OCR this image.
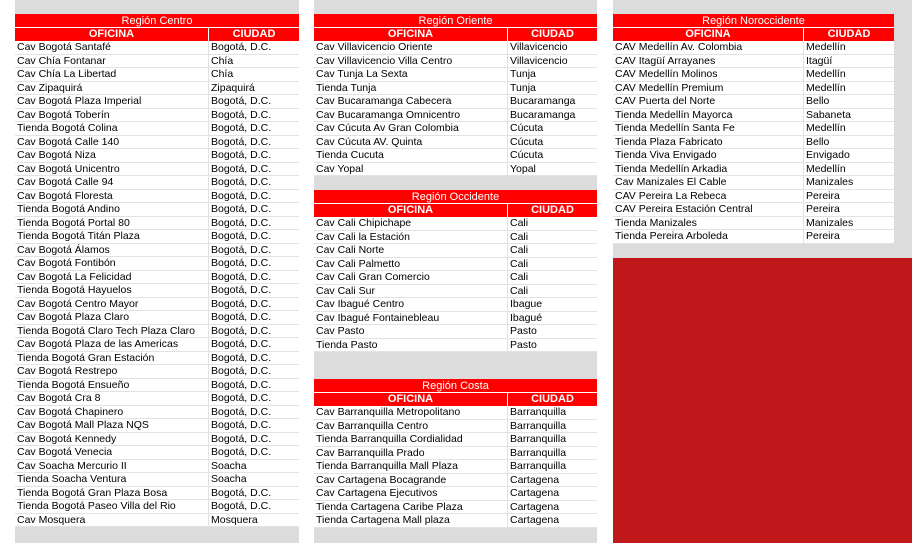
Región Centro
OFICINA	CIUDAD
Cav Bogotá Santafé	Bogotá, D.C.
Cav Chía Fontanar	Chía
Cav Chía La Libertad	Chía
Cav Zipaquirá	Zipaquirá
Cav Bogotá Plaza Imperial	Bogotá, D.C.
Cav Bogotá Toberín	Bogotá, D.C.
Tienda Bogotá Colina	Bogotá, D.C.
Cav Bogotá Calle 140	Bogotá, D.C.
Cav Bogotá Niza	Bogotá, D.C.
Cav Bogotá Unicentro	Bogotá, D.C.
Cav Bogotá Calle 94	Bogotá, D.C.
Cav Bogotá Floresta	Bogotá, D.C.
Tienda Bogotá Andino	Bogotá, D.C.
Tienda Bogotá Portal 80	Bogotá, D.C.
Tienda Bogotá Titán Plaza	Bogotá, D.C.
Cav Bogotá Álamos	Bogotá, D.C.
Cav Bogotá Fontibón	Bogotá, D.C.
Cav Bogotá La Felicidad	Bogotá, D.C.
Tienda Bogotá Hayuelos	Bogotá, D.C.
Cav Bogotá Centro Mayor	Bogotá, D.C.
Cav Bogotá Plaza Claro	Bogotá, D.C.
Tienda Bogotá Claro Tech Plaza Claro	Bogotá, D.C.
Cav Bogotá Plaza de las Americas	Bogotá, D.C.
Tienda Bogotá Gran Estación	Bogotá, D.C.
Cav Bogotá Restrepo	Bogotá, D.C.
Tienda Bogotá Ensueño	Bogotá, D.C.
Cav Bogotá Cra 8	Bogotá, D.C.
Cav Bogotá Chapinero	Bogotá, D.C.
Cav Bogotá Mall Plaza NQS	Bogotá, D.C.
Cav Bogotá Kennedy	Bogotá, D.C.
Cav Bogotá Venecia	Bogotá, D.C.
Cav Soacha Mercurio II	Soacha
Tienda Soacha Ventura	Soacha
Tienda Bogotá Gran Plaza Bosa	Bogotá, D.C.
Tienda Bogotá Paseo Villa del Rio	Bogotá, D.C.
Cav Mosquera	Mosquera
Región Oriente
OFICINA	CIUDAD
Cav Villavicencio Oriente	Villavicencio
Cav Villavicencio Villa Centro	Villavicencio
Cav Tunja La Sexta	Tunja
Tienda Tunja	Tunja
Cav Bucaramanga Cabecera	Bucaramanga
Cav Bucaramanga Omnicentro	Bucaramanga
Cav Cúcuta Av Gran Colombia	Cúcuta
Cav Cúcuta AV. Quinta	Cúcuta
Tienda Cucuta	Cúcuta
Cav Yopal	Yopal
Región Occidente
OFICINA	CIUDAD
Cav Cali Chipichape	Cali
Cav Cali la Estación	Cali
Cav Cali Norte	Cali
Cav Cali Palmetto	Cali
Cav Cali Gran Comercio	Cali
Cav Cali Sur	Cali
Cav Ibagué Centro	Ibague
Cav Ibagué Fontainebleau	Ibagué
Cav Pasto	Pasto
Tienda Pasto	Pasto
Región Costa
OFICINA	CIUDAD
Cav Barranquilla Metropolitano	Barranquilla
Cav Barranquilla Centro	Barranquilla
Tienda Barranquilla Cordialidad	Barranquilla
Cav Barranquilla Prado	Barranquilla
Tienda Barranquilla Mall Plaza	Barranquilla
Cav Cartagena Bocagrande	Cartagena
Cav Cartagena Ejecutivos	Cartagena
Tienda Cartagena Caribe Plaza	Cartagena
Tienda Cartagena Mall plaza	Cartagena
Región Noroccidente
OFICINA	CIUDAD
CAV Medellín Av. Colombia	Medellín
CAV Itagüí Arrayanes	Itagüí
CAV Medellín Molinos	Medellín
CAV Medellín Premium	Medellín
CAV Puerta del Norte	Bello
Tienda Medellín Mayorca	Sabaneta
Tienda Medellín Santa Fe	Medellín
Tienda Plaza Fabricato	Bello
Tienda Viva Envigado	Envigado
Tienda Medellín Arkadia	Medellín
Cav Manizales El Cable	Manizales
CAV Pereira La Rebeca	Pereira
CAV Pereira Estación Central	Pereira
Tienda Manizales	Manizales
Tienda Pereira Arboleda	Pereira
